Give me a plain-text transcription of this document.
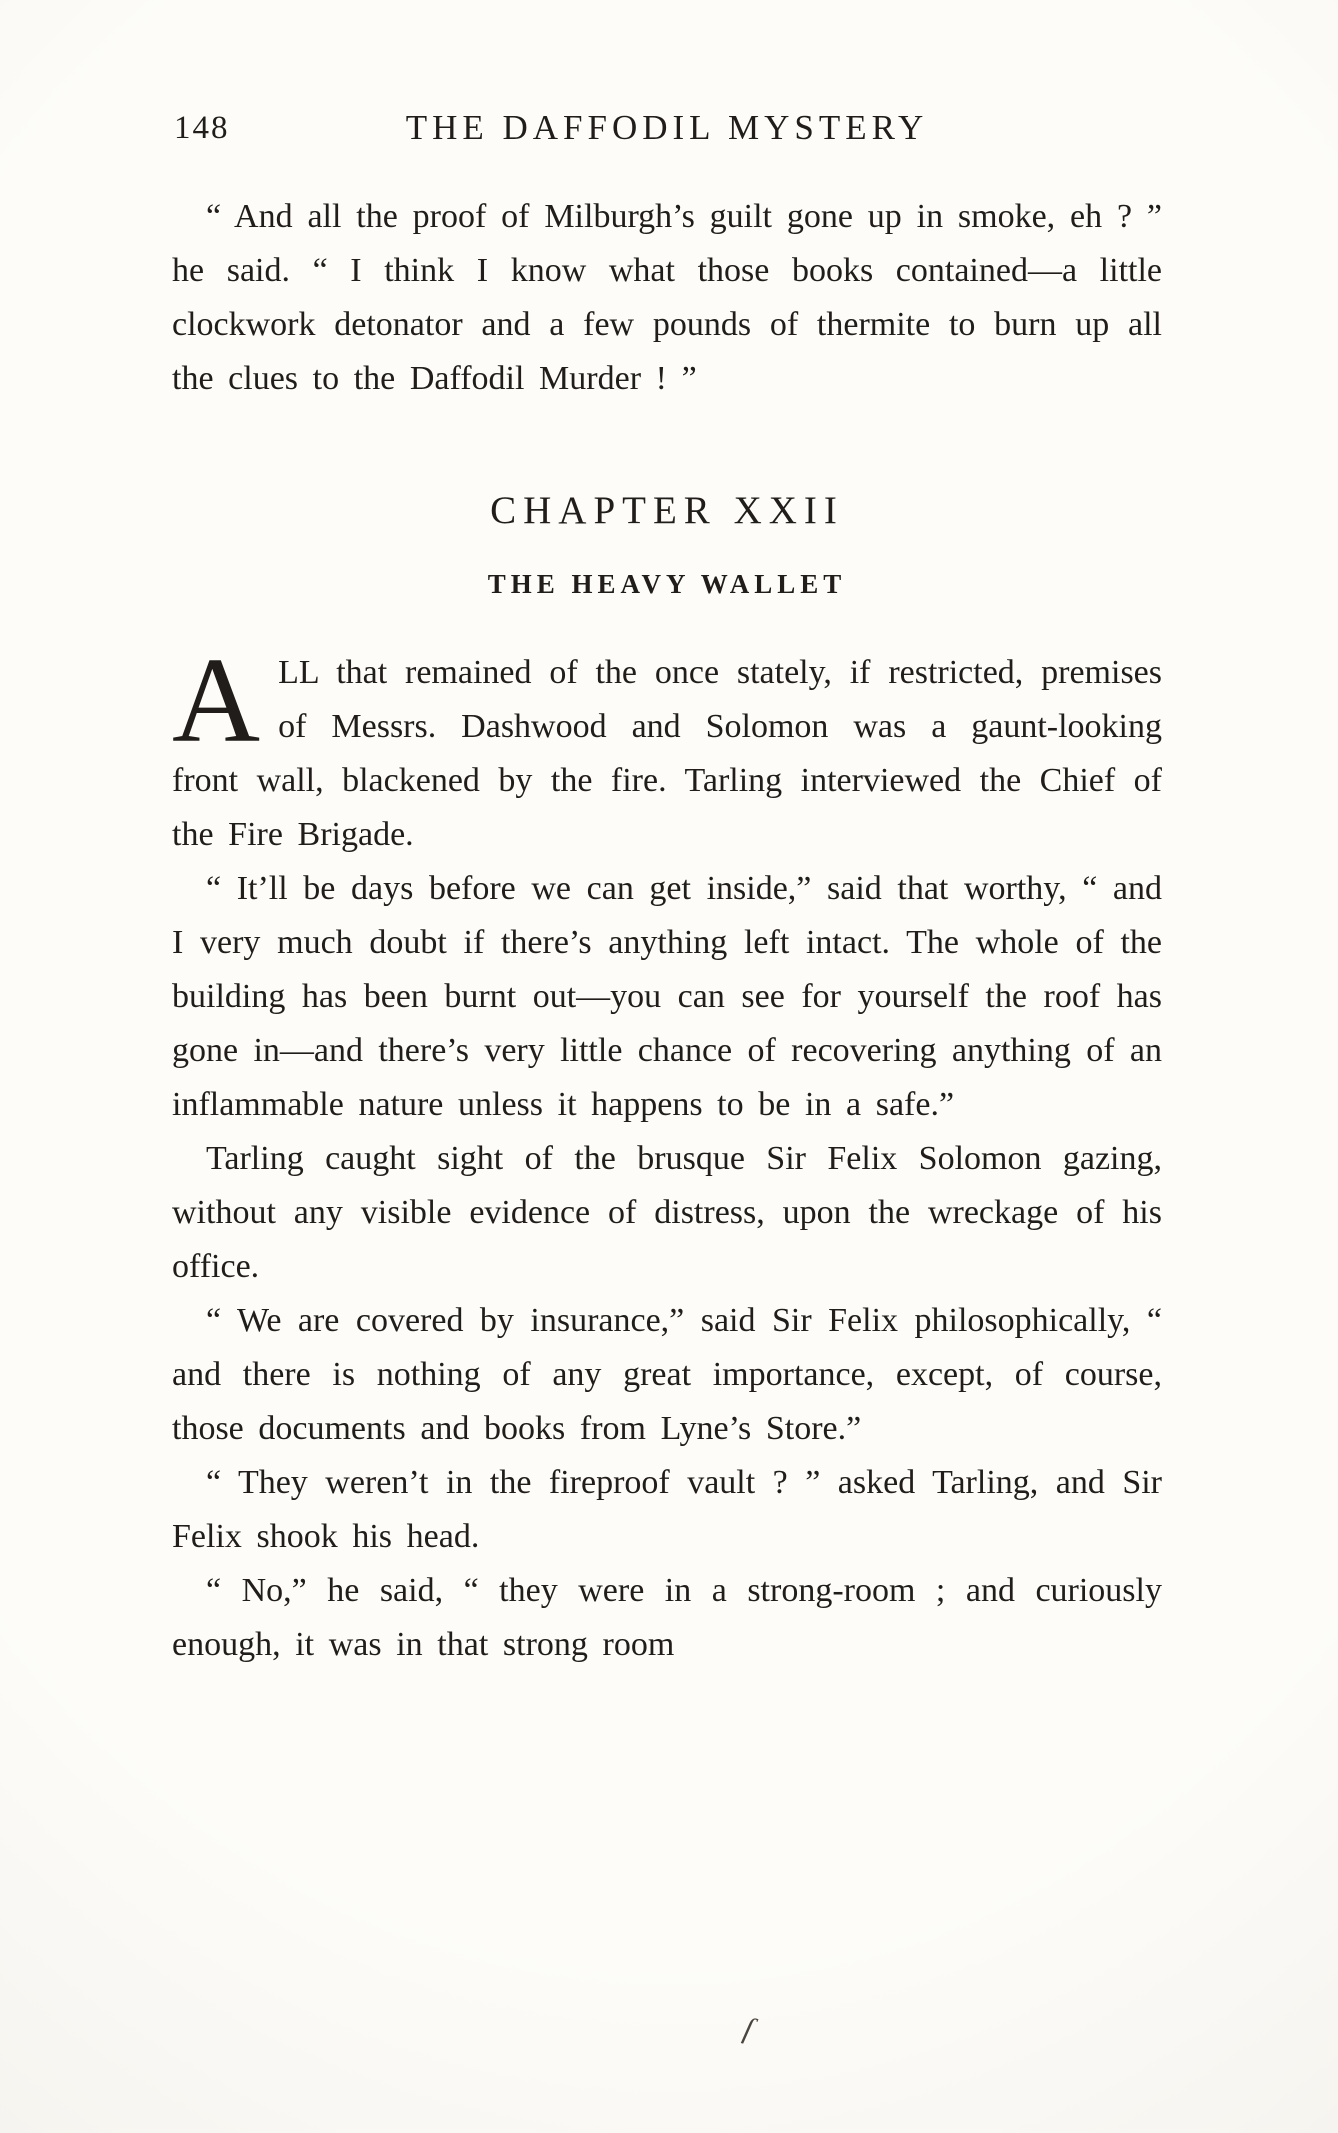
148	THE DAFFODIL MYSTERY

“ And all the proof of Milburgh’s guilt gone up in smoke, eh ? ” he said. “ I think I know what those books contained—a little clockwork detonator and a few pounds of thermite to burn up all the clues to the Daffodil Murder ! ”

CHAPTER XXII
THE HEAVY WALLET

ALL that remained of the once stately, if restricted, premises of Messrs. Dashwood and Solomon was a gaunt-looking front wall, blackened by the fire. Tarling interviewed the Chief of the Fire Brigade.

“ It’ll be days before we can get inside,” said that worthy, “ and I very much doubt if there’s anything left intact. The whole of the building has been burnt out—you can see for yourself the roof has gone in—and there’s very little chance of recovering anything of an inflammable nature unless it happens to be in a safe.”

Tarling caught sight of the brusque Sir Felix Solomon gazing, without any visible evidence of distress, upon the wreckage of his office.

“ We are covered by insurance,” said Sir Felix philosophically, “ and there is nothing of any great importance, except, of course, those documents and books from Lyne’s Store.”

“ They weren’t in the fireproof vault ? ” asked Tarling, and Sir Felix shook his head.

“ No,” he said, “ they were in a strong-room ; and curiously enough, it was in that strong room

ſ
